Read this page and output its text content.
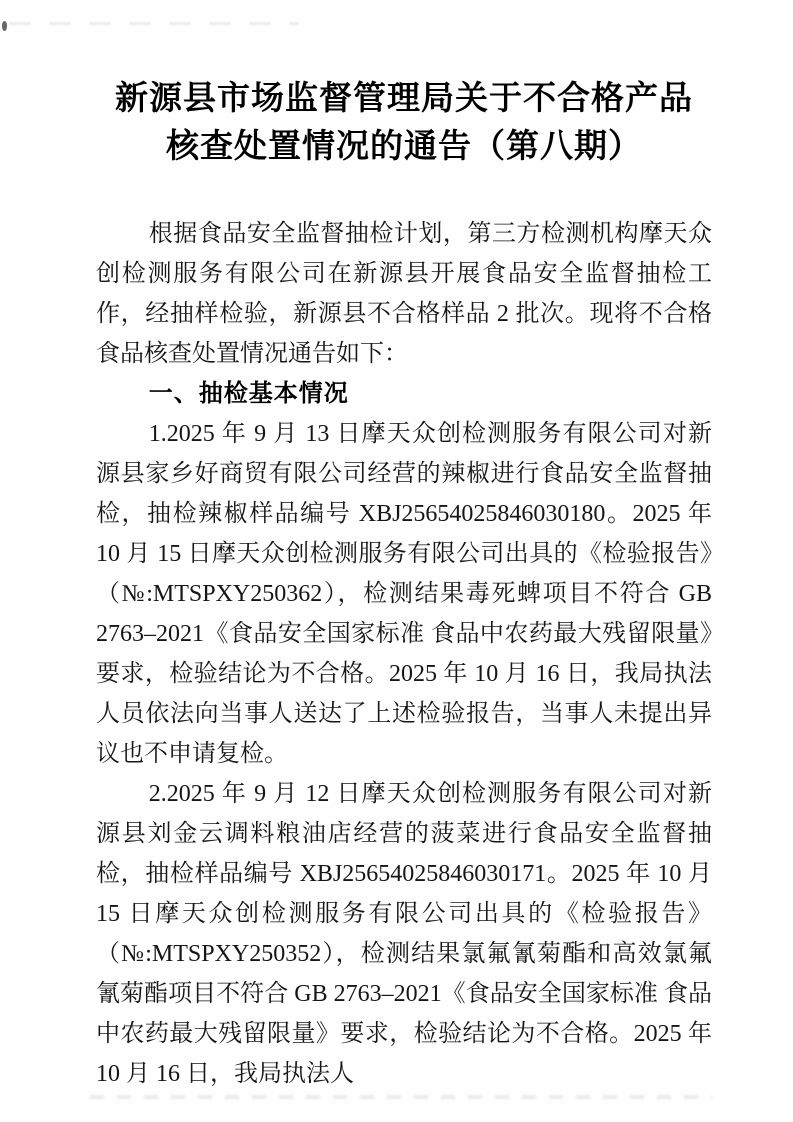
新源县市场监督管理局关于不合格产品
核查处置情况的通告（第八期）

根据食品安全监督抽检计划，第三方检测机构摩天众创检测服务有限公司在新源县开展食品安全监督抽检工作，经抽样检验，新源县不合格样品 2 批次。现将不合格食品核查处置情况通告如下：

一、抽检基本情况

1.2025 年 9 月 13 日摩天众创检测服务有限公司对新源县家乡好商贸有限公司经营的辣椒进行食品安全监督抽检，抽检辣椒样品编号 XBJ25654025846030180。2025 年 10 月 15 日摩天众创检测服务有限公司出具的《检验报告》（№:MTSPXY250362），检测结果毒死蜱项目不符合 GB 2763–2021《食品安全国家标准 食品中农药最大残留限量》要求，检验结论为不合格。2025 年 10 月 16 日，我局执法人员依法向当事人送达了上述检验报告，当事人未提出异议也不申请复检。

2.2025 年 9 月 12 日摩天众创检测服务有限公司对新源县刘金云调料粮油店经营的菠菜进行食品安全监督抽检，抽检样品编号 XBJ25654025846030171。2025 年 10 月 15 日摩天众创检测服务有限公司出具的《检验报告》（№:MTSPXY250352），检测结果氯氟氰菊酯和高效氯氟氰菊酯项目不符合 GB 2763–2021《食品安全国家标准 食品中农药最大残留限量》要求，检验结论为不合格。2025 年 10 月 16 日，我局执法人
